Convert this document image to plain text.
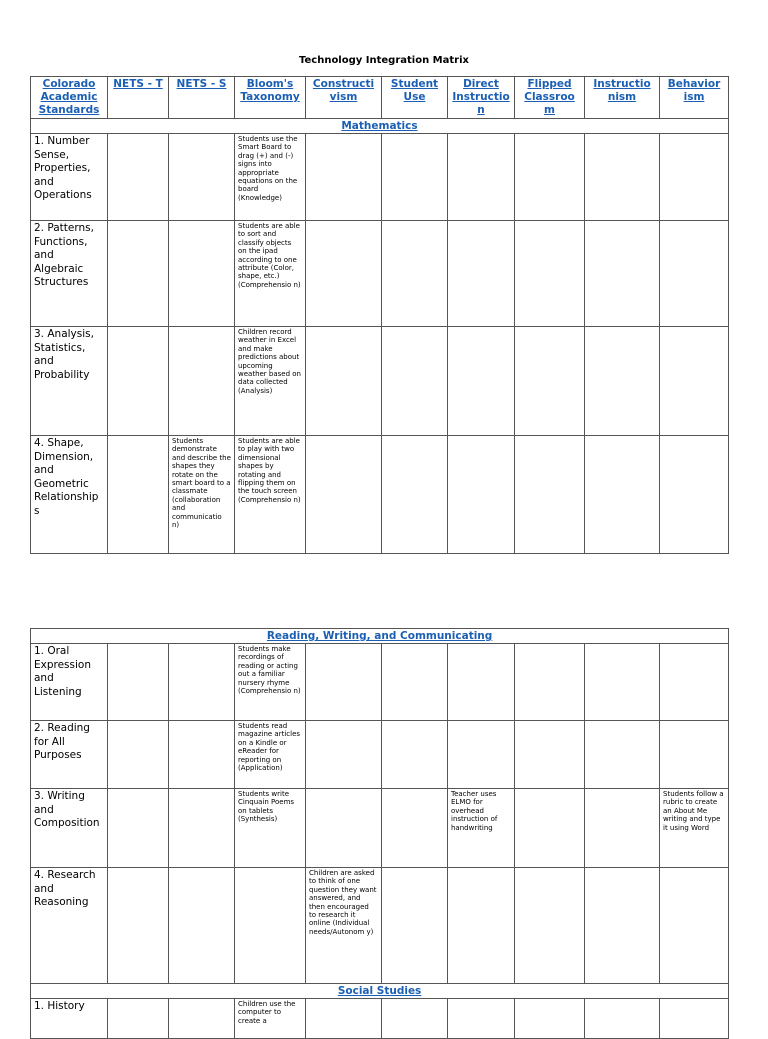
Technology Integration Matrix
Colorado Academic Standards	NETS - T	NETS - S	Bloom's Taxonomy	Constructi vism	Student Use	Direct Instructio n	Flipped Classroo m	Instructio nism	Behavior ism
Mathematics									
1. Number Sense, Properties, and Operations			Students use the Smart Board to drag (+) and (-) signs into appropriate equations on the board (Knowledge)						
2. Patterns, Functions, and Algebraic Structures			Students are able to sort and classify objects on the ipad according to one attribute (Color, shape, etc.) (Comprehensio n)						
3. Analysis, Statistics, and Probability			Children record weather in Excel and make predictions about upcoming weather based on data collected (Analysis)						
4. Shape, Dimension, and Geometric Relationship s		Students demonstrate and describe the shapes they rotate on the smart board to a classmate (collaboration and communicatio n)	Students are able to play with two dimensional shapes by rotating and flipping them on the touch screen (Comprehensio n)						
Reading, Writing, and Communicating									
1. Oral Expression and Listening			Students make recordings of reading or acting out a familiar nursery rhyme (Comprehensio n)						
2. Reading for All Purposes			Students read magazine articles on a Kindle or eReader for reporting on (Application)						
3. Writing and Composition			Students write Cinquain Poems on tablets (Synthesis)			Teacher uses ELMO for overhead instruction of handwriting			Students follow a rubric to create an About Me writing and type it using Word
4. Research and Reasoning				Children are asked to think of one question they want answered, and then encouraged to research it online (Individual needs/Autonom y)					
Social Studies									
1. History			Children use the computer to create a						
